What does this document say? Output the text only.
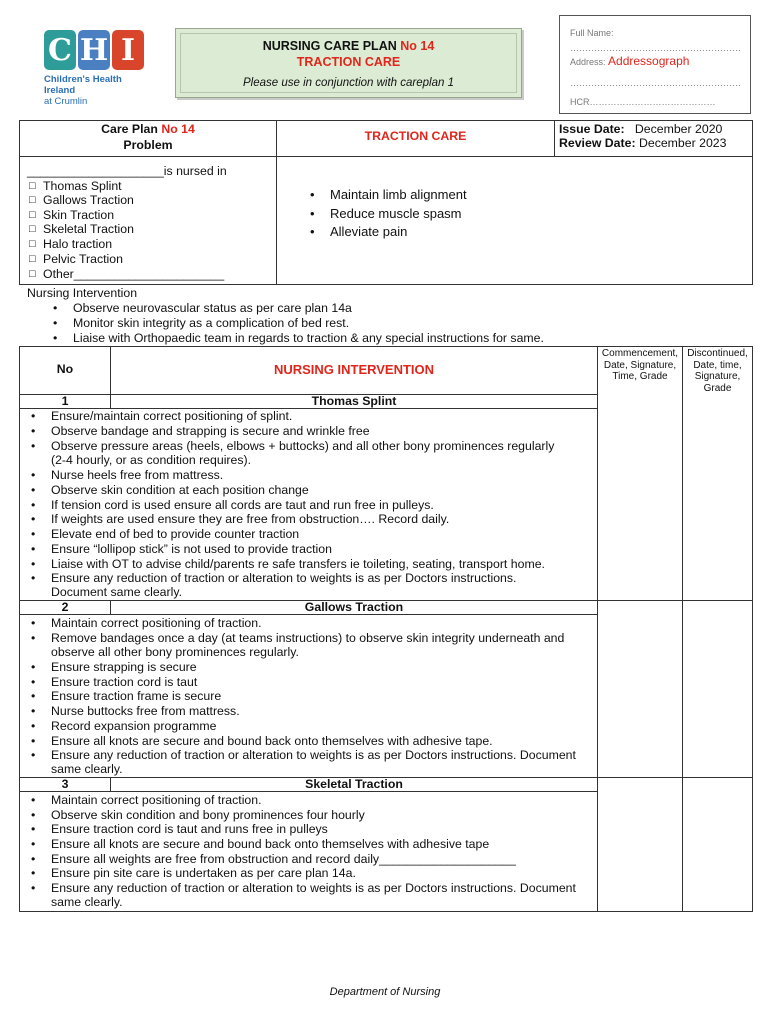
C H I
Children's Health Ireland
at Crumlin
NURSING CARE PLAN No 14
TRACTION CARE
Please use in conjunction with careplan 1
Full Name:
…………………………………………………
Address: Addressograph
…………………………………………………
HCR……………………………………
Care Plan No 14
Problem
TRACTION CARE	Issue Date: December 2020
Review Date: December 2023
____________________is nursed in
□ Thomas Splint
□ Gallows Traction
□ Skin Traction
□ Skeletal Traction
□ Halo traction
□ Pelvic Traction
□ Other______________________
• Maintain limb alignment
• Reduce muscle spasm
• Alleviate pain
Nursing Intervention
• Observe neurovascular status as per care plan 14a
• Monitor skin integrity as a complication of bed rest.
• Liaise with Orthopaedic team in regards to traction & any special instructions for same.
No	NURSING INTERVENTION
Commencement, Date, Signature, Time, Grade
Discontinued, Date, time, Signature, Grade
1	Thomas Splint
• Ensure/maintain correct positioning of splint.
• Observe bandage and strapping is secure and wrinkle free
• Observe pressure areas (heels, elbows + buttocks) and all other bony prominences regularly
(2-4 hourly, or as condition requires).
• Nurse heels free from mattress.
• Observe skin condition at each position change
• If tension cord is used ensure all cords are taut and run free in pulleys.
• If weights are used ensure they are free from obstruction…. Record daily.
• Elevate end of bed to provide counter traction
• Ensure “lollipop stick” is not used to provide traction
• Liaise with OT to advise child/parents re safe transfers ie toileting, seating, transport home.
• Ensure any reduction of traction or alteration to weights is as per Doctors instructions.
Document same clearly.
2	Gallows Traction
• Maintain correct positioning of traction.
• Remove bandages once a day (at teams instructions) to observe skin integrity underneath and
observe all other bony prominences regularly.
• Ensure strapping is secure
• Ensure traction cord is taut
• Ensure traction frame is secure
• Nurse buttocks free from mattress.
• Record expansion programme
• Ensure all knots are secure and bound back onto themselves with adhesive tape.
• Ensure any reduction of traction or alteration to weights is as per Doctors instructions. Document
same clearly.
3	Skeletal Traction
• Maintain correct positioning of traction.
• Observe skin condition and bony prominences four hourly
• Ensure traction cord is taut and runs free in pulleys
• Ensure all knots are secure and bound back onto themselves with adhesive tape
• Ensure all weights are free from obstruction and record daily____________________
• Ensure pin site care is undertaken as per care plan 14a.
• Ensure any reduction of traction or alteration to weights is as per Doctors instructions. Document
same clearly.
Department of Nursing
